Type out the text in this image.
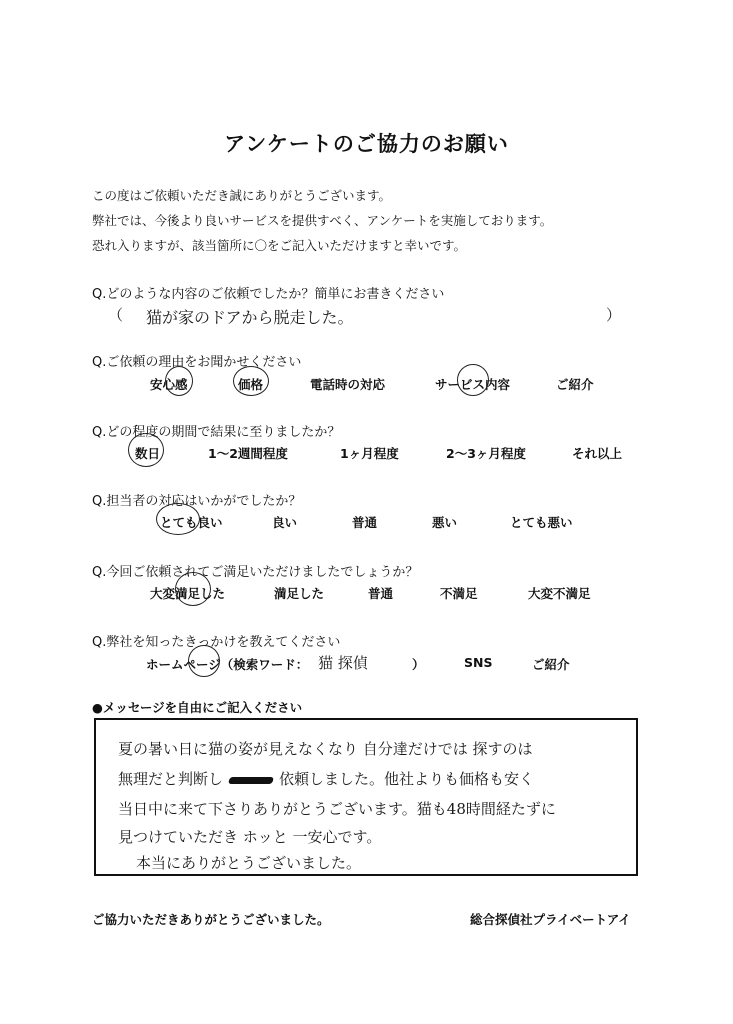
アンケートのご協力のお願い
この度はご依頼いただき誠にありがとうございます。
弊社では、今後より良いサービスを提供すべく、アンケートを実施しております。
恐れ入りますが、該当箇所に〇をご記入いただけますと幸いです。
Q.どのような内容のご依頼でしたか？簡単にお書きください
（ 猫が家のドアから脱走した。	）
Q.ご依頼の理由をお聞かせください
安心感	価格	電話時の対応	サービス内容	ご紹介
Q.どの程度の期間で結果に至りましたか？
数日	1～2週間程度	1ヶ月程度	2～3ヶ月程度	それ以上
Q.担当者の対応はいかがでしたか？
とても良い	良い	普通	悪い	とても悪い
Q.今回ご依頼されてご満足いただけましたでしょうか？
大変満足した	満足した	普通	不満足	大変不満足
Q.弊社を知ったきっかけを教えてください
ホームページ（検索ワード： 猫 探偵	）	SNS	ご紹介
●メッセージを自由にご記入ください
夏の暑い日に猫の姿が見えなくなり 自分達だけでは 探すのは
無理だと判断し	依頼しました。他社よりも価格も安く
当日中に来て下さりありがとうございます。猫も48時間経たずに
見つけていただき ホッと 一安心です。
本当にありがとうございました。
ご協力いただきありがとうございました。	総合探偵社プライベートアイ
